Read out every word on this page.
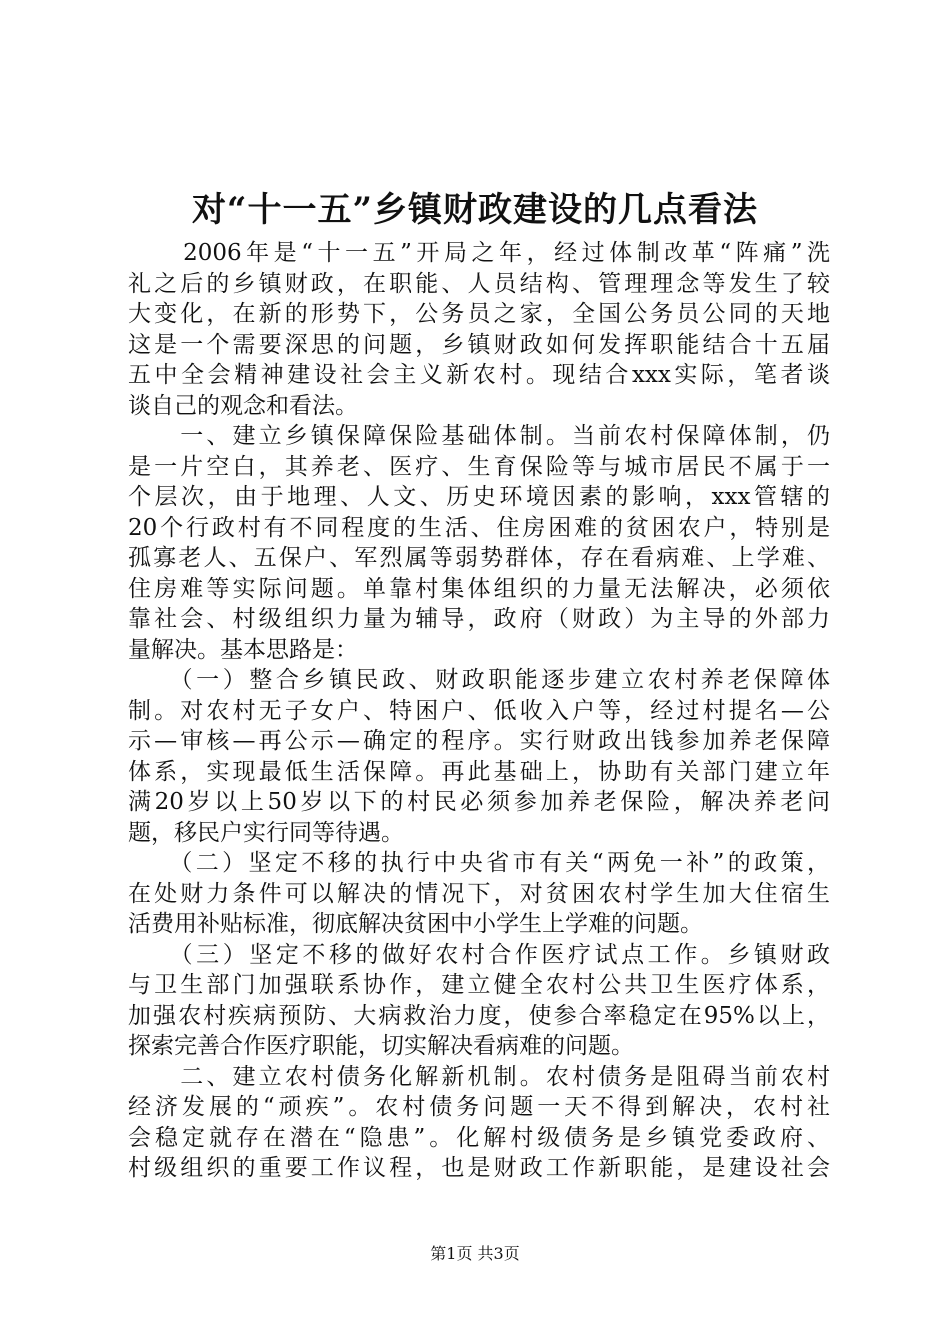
对“十一五”乡镇财政建设的几点看法
　　2006年是“十一五”开局之年，经过体制改革“阵痛”洗
礼之后的乡镇财政，在职能、人员结构、管理理念等发生了较
大变化，在新的形势下，公务员之家，全国公务员公同的天地
这是一个需要深思的问题，乡镇财政如何发挥职能结合十五届
五中全会精神建设社会主义新农村。现结合xxx实际，笔者谈
谈自己的观念和看法。
　　一、建立乡镇保障保险基础体制。当前农村保障体制，仍
是一片空白，其养老、医疗、生育保险等与城市居民不属于一
个层次，由于地理、人文、历史环境因素的影响，xxx管辖的
20个行政村有不同程度的生活、住房困难的贫困农户，特别是
孤寡老人、五保户、军烈属等弱势群体，存在看病难、上学难、
住房难等实际问题。单靠村集体组织的力量无法解决，必须依
靠社会、村级组织力量为辅导，政府（财政）为主导的外部力
量解决。基本思路是：
　　（一）整合乡镇民政、财政职能逐步建立农村养老保障体
制。对农村无子女户、特困户、低收入户等，经过村提名—公
示—审核—再公示—确定的程序。实行财政出钱参加养老保障
体系，实现最低生活保障。再此基础上，协助有关部门建立年
满20岁以上50岁以下的村民必须参加养老保险，解决养老问
题，移民户实行同等待遇。
　　（二）坚定不移的执行中央省市有关“两免一补”的政策，
在处财力条件可以解决的情况下，对贫困农村学生加大住宿生
活费用补贴标准，彻底解决贫困中小学生上学难的问题。
　　（三）坚定不移的做好农村合作医疗试点工作。乡镇财政
与卫生部门加强联系协作，建立健全农村公共卫生医疗体系，
加强农村疾病预防、大病救治力度，使参合率稳定在95%以上，
探索完善合作医疗职能，切实解决看病难的问题。
　　二、建立农村债务化解新机制。农村债务是阻碍当前农村
经济发展的“顽疾”。农村债务问题一天不得到解决，农村社
会稳定就存在潜在“隐患”。化解村级债务是乡镇党委政府、
村级组织的重要工作议程，也是财政工作新职能，是建设社会
第1页 共3页
